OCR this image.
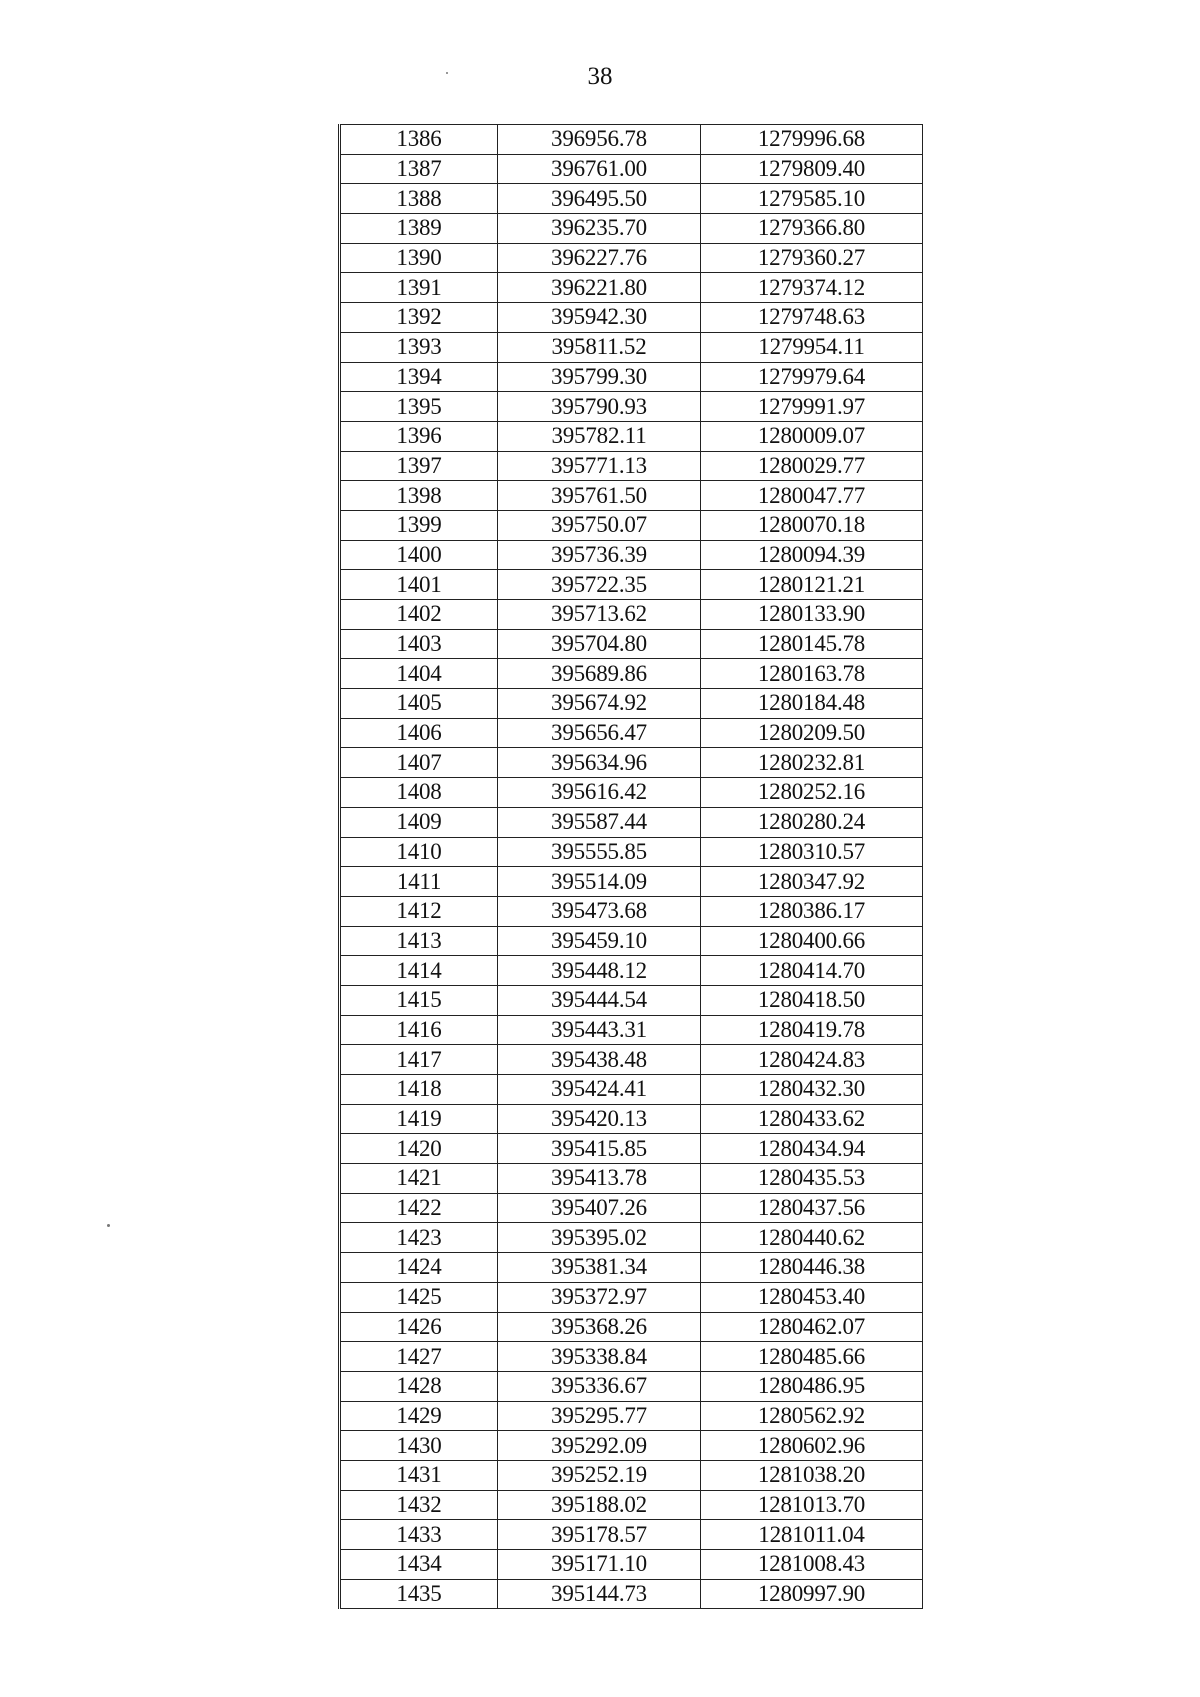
38
1386	396956.78	1279996.68
1387	396761.00	1279809.40
1388	396495.50	1279585.10
1389	396235.70	1279366.80
1390	396227.76	1279360.27
1391	396221.80	1279374.12
1392	395942.30	1279748.63
1393	395811.52	1279954.11
1394	395799.30	1279979.64
1395	395790.93	1279991.97
1396	395782.11	1280009.07
1397	395771.13	1280029.77
1398	395761.50	1280047.77
1399	395750.07	1280070.18
1400	395736.39	1280094.39
1401	395722.35	1280121.21
1402	395713.62	1280133.90
1403	395704.80	1280145.78
1404	395689.86	1280163.78
1405	395674.92	1280184.48
1406	395656.47	1280209.50
1407	395634.96	1280232.81
1408	395616.42	1280252.16
1409	395587.44	1280280.24
1410	395555.85	1280310.57
1411	395514.09	1280347.92
1412	395473.68	1280386.17
1413	395459.10	1280400.66
1414	395448.12	1280414.70
1415	395444.54	1280418.50
1416	395443.31	1280419.78
1417	395438.48	1280424.83
1418	395424.41	1280432.30
1419	395420.13	1280433.62
1420	395415.85	1280434.94
1421	395413.78	1280435.53
1422	395407.26	1280437.56
1423	395395.02	1280440.62
1424	395381.34	1280446.38
1425	395372.97	1280453.40
1426	395368.26	1280462.07
1427	395338.84	1280485.66
1428	395336.67	1280486.95
1429	395295.77	1280562.92
1430	395292.09	1280602.96
1431	395252.19	1281038.20
1432	395188.02	1281013.70
1433	395178.57	1281011.04
1434	395171.10	1281008.43
1435	395144.73	1280997.90
